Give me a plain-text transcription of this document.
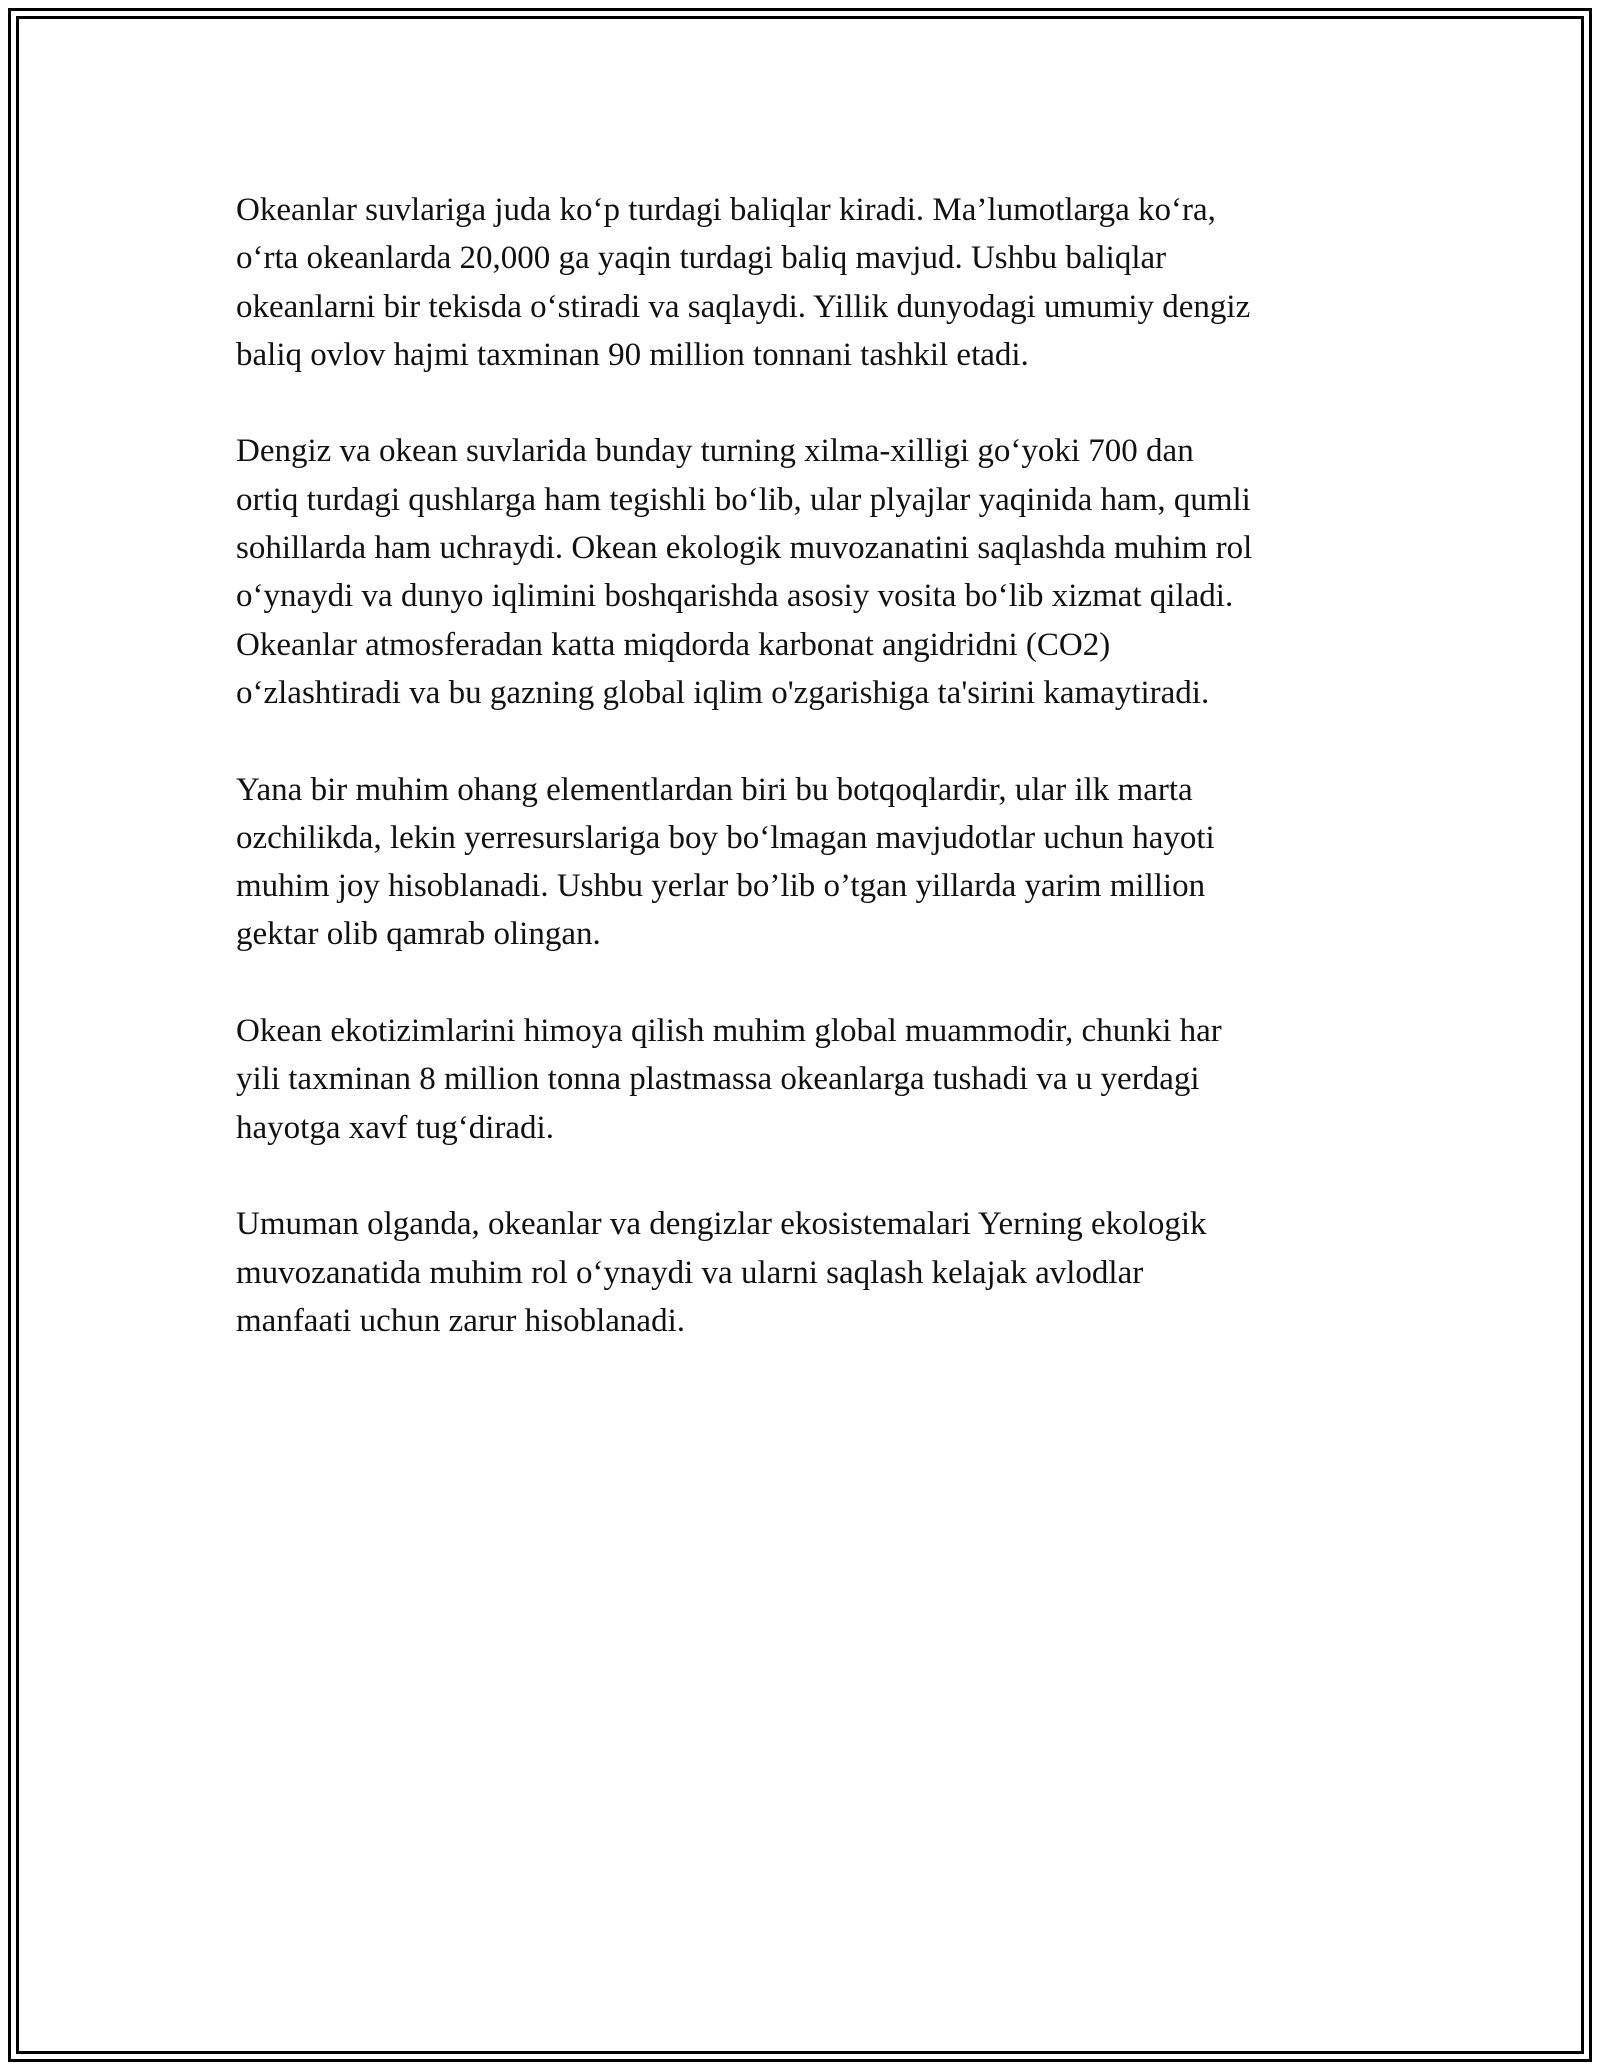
Okeanlar suvlariga juda ko‘p turdagi baliqlar kiradi. Ma’lumotlarga ko‘ra,
o‘rta okeanlarda 20,000 ga yaqin turdagi baliq mavjud. Ushbu baliqlar
okeanlarni bir tekisda o‘stiradi va saqlaydi. Yillik dunyodagi umumiy dengiz
baliq ovlov hajmi taxminan 90 million tonnani tashkil etadi.

Dengiz va okean suvlarida bunday turning xilma-xilligi go‘yoki 700 dan
ortiq turdagi qushlarga ham tegishli bo‘lib, ular plyajlar yaqinida ham, qumli
sohillarda ham uchraydi. Okean ekologik muvozanatini saqlashda muhim rol
o‘ynaydi va dunyo iqlimini boshqarishda asosiy vosita bo‘lib xizmat qiladi.
Okeanlar atmosferadan katta miqdorda karbonat angidridni (CO2)
o‘zlashtiradi va bu gazning global iqlim o'zgarishiga ta'sirini kamaytiradi.

Yana bir muhim ohang elementlardan biri bu botqoqlardir, ular ilk marta
ozchilikda, lekin yerresurslariga boy bo‘lmagan mavjudotlar uchun hayoti
muhim joy hisoblanadi. Ushbu yerlar bo’lib o’tgan yillarda yarim million
gektar olib qamrab olingan.

Okean ekotizimlarini himoya qilish muhim global muammodir, chunki har
yili taxminan 8 million tonna plastmassa okeanlarga tushadi va u yerdagi
hayotga xavf tug‘diradi.

Umuman olganda, okeanlar va dengizlar ekosistemalari Yerning ekologik
muvozanatida muhim rol o‘ynaydi va ularni saqlash kelajak avlodlar
manfaati uchun zarur hisoblanadi.
